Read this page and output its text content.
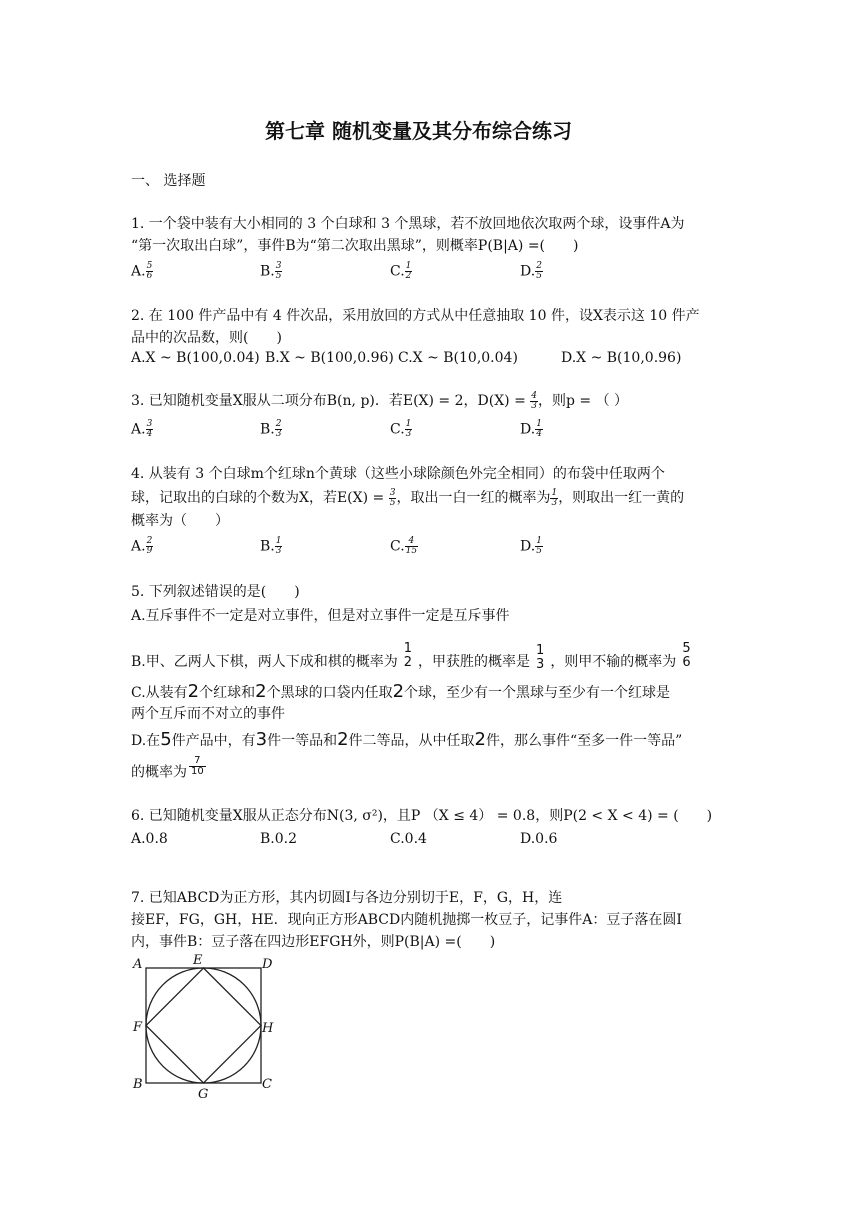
第七章 随机变量及其分布综合练习
一、 选择题
1. 一个袋中装有大小相同的 3 个白球和 3 个黑球，若不放回地依次取两个球，设事件A为
“第一次取出白球”，事件B为“第二次取出黑球”，则概率P(B|A) =(　　)
A. $\frac{5}{6}$	B. $\frac{3}{5}$	C. $\frac{1}{2}$	D. $\frac{2}{5}$
2. 在 100 件产品中有 4 件次品，采用放回的方式从中任意抽取 10 件，设X表示这 10 件产
品中的次品数，则(　　)
A.X ~ B(100,0.04) B.X ~ B(100,0.96) C.X ~ B(10,0.04)	D.X ~ B(10,0.96)
3. 已知随机变量X服从二项分布B(n, p)．若E(X) = 2，$D(X) = \frac{4}{3}$ ，则p = （ ）
A. $\frac{3}{4}$	B. $\frac{2}{3}$	C. $\frac{1}{3}$	D. $\frac{1}{4}$
4. 从装有 3 个白球m个红球n个黄球（这些小球除颜色外完全相同）的布袋中任取两个
球，记取出的白球的个数为X，若$E(X) = \frac{3}{5}$ ，取出一白一红的概率为 $\frac{1}{3}$ ，则取出一红一黄的
概率为（　　）
A. $\frac{2}{9}$	B. $\frac{1}{3}$	C. $\frac{4}{15}$	D. $\frac{1}{5}$
5. 下列叙述错误的是(　　)
A.互斥事件不一定是对立事件，但是对立事件一定是互斥事件
B.甲、乙两人下棋，两人下成和棋的概率为
1
2 ，甲获胜的概率是
1
3 ，则甲不输的概率为
5
6
C.从装有2个红球和2个黑球的口袋内任取2个球，至少有一个黑球与至少有一个红球是
两个互斥而不对立的事件
D.在5件产品中，有3件一等品和2件二等品，从中任取2件，那么事件“至多一件一等品”
的概率为 $\frac{7}{10}$
6. 已知随机变量X服从正态分布N(3, σ²)，且P （X ≤ 4） = 0.8，则P(2 < X < 4) = (　　)
A.0.8	B.0.2	C.0.4	D.0.6
7. 已知ABCD为正方形，其内切圆I与各边分别切于E，F，G，H，连
接EF，FG，GH，HE．现向正方形ABCD内随机抛掷一枚豆子，记事件A：豆子落在圆I
内，事件B：豆子落在四边形EFGH外，则P(B|A) =(　　)
A	E	D
F	H
B
G
C
